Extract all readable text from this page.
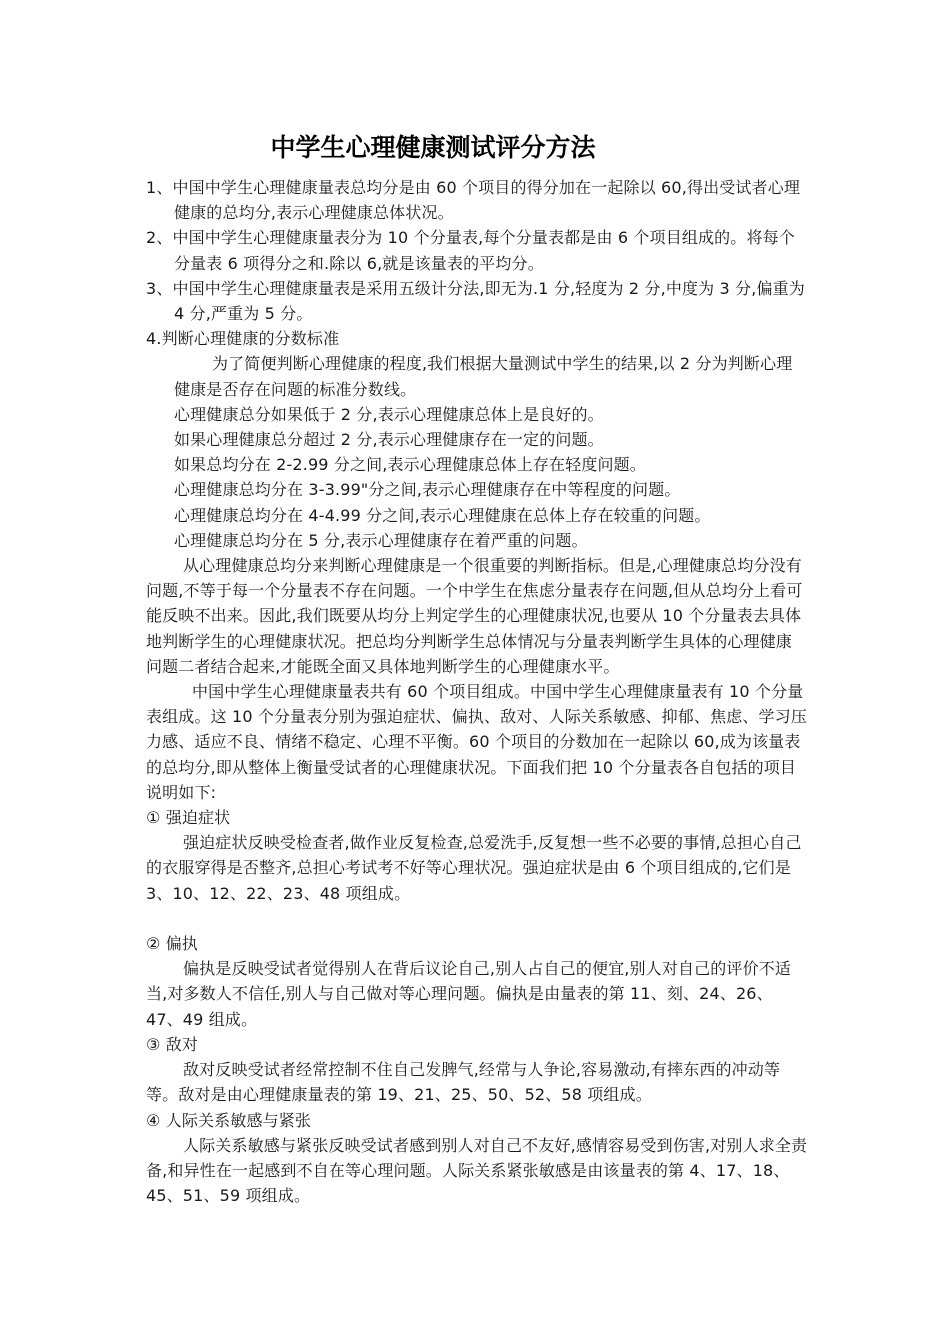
中学生心理健康测试评分方法

1、中国中学生心理健康量表总均分是由 60 个项目的得分加在一起除以 60,得出受试者心理健康的总均分,表示心理健康总体状况。

2、中国中学生心理健康量表分为 10 个分量表,每个分量表都是由 6 个项目组成的。将每个分量表 6 项得分之和.除以 6,就是该量表的平均分。

3、中国中学生心理健康量表是采用五级计分法,即无为.1 分,轻度为 2 分,中度为 3 分,偏重为 4 分,严重为 5 分。

4.判断心理健康的分数标准

为了简便判断心理健康的程度,我们根据大量测试中学生的结果,以 2 分为判断心理健康是否存在问题的标准分数线。

心理健康总分如果低于 2 分,表示心理健康总体上是良好的。

如果心理健康总分超过 2 分,表示心理健康存在一定的问题。

如果总均分在 2-2.99 分之间,表示心理健康总体上存在轻度问题。

心理健康总均分在 3-3.99"分之间,表示心理健康存在中等程度的问题。

心理健康总均分在 4-4.99 分之间,表示心理健康在总体上存在较重的问题。

心理健康总均分在 5 分,表示心理健康存在着严重的问题。

从心理健康总均分来判断心理健康是一个很重要的判断指标。但是,心理健康总均分没有问题,不等于每一个分量表不存在问题。一个中学生在焦虑分量表存在问题,但从总均分上看可能反映不出来。因此,我们既要从均分上判定学生的心理健康状况,也要从 10 个分量表去具体地判断学生的心理健康状况。把总均分判断学生总体情况与分量表判断学生具体的心理健康问题二者结合起来,才能既全面又具体地判断学生的心理健康水平。

中国中学生心理健康量表共有 60 个项目组成。中国中学生心理健康量表有 10 个分量表组成。这 10 个分量表分别为强迫症状、偏执、敌对、人际关系敏感、抑郁、焦虑、学习压力感、适应不良、情绪不稳定、心理不平衡。60 个项目的分数加在一起除以 60,成为该量表的总均分,即从整体上衡量受试者的心理健康状况。下面我们把 10 个分量表各自包括的项目说明如下:

① 强迫症状

强迫症状反映受检查者,做作业反复检查,总爱洗手,反复想一些不必要的事情,总担心自己的衣服穿得是否整齐,总担心考试考不好等心理状况。强迫症状是由 6 个项目组成的,它们是 3、10、12、22、23、48 项组成。

② 偏执

偏执是反映受试者觉得别人在背后议论自己,别人占自己的便宜,别人对自己的评价不适当,对多数人不信任,别人与自己做对等心理问题。偏执是由量表的第 11、刻、24、26、47、49 组成。

③ 敌对

敌对反映受试者经常控制不住自己发脾气,经常与人争论,容易激动,有摔东西的冲动等等。敌对是由心理健康量表的第 19、21、25、50、52、58 项组成。

④ 人际关系敏感与紧张

人际关系敏感与紧张反映受试者感到别人对自己不友好,感情容易受到伤害,对别人求全责备,和异性在一起感到不自在等心理问题。人际关系紧张敏感是由该量表的第 4、17、18、45、51、59 项组成。
